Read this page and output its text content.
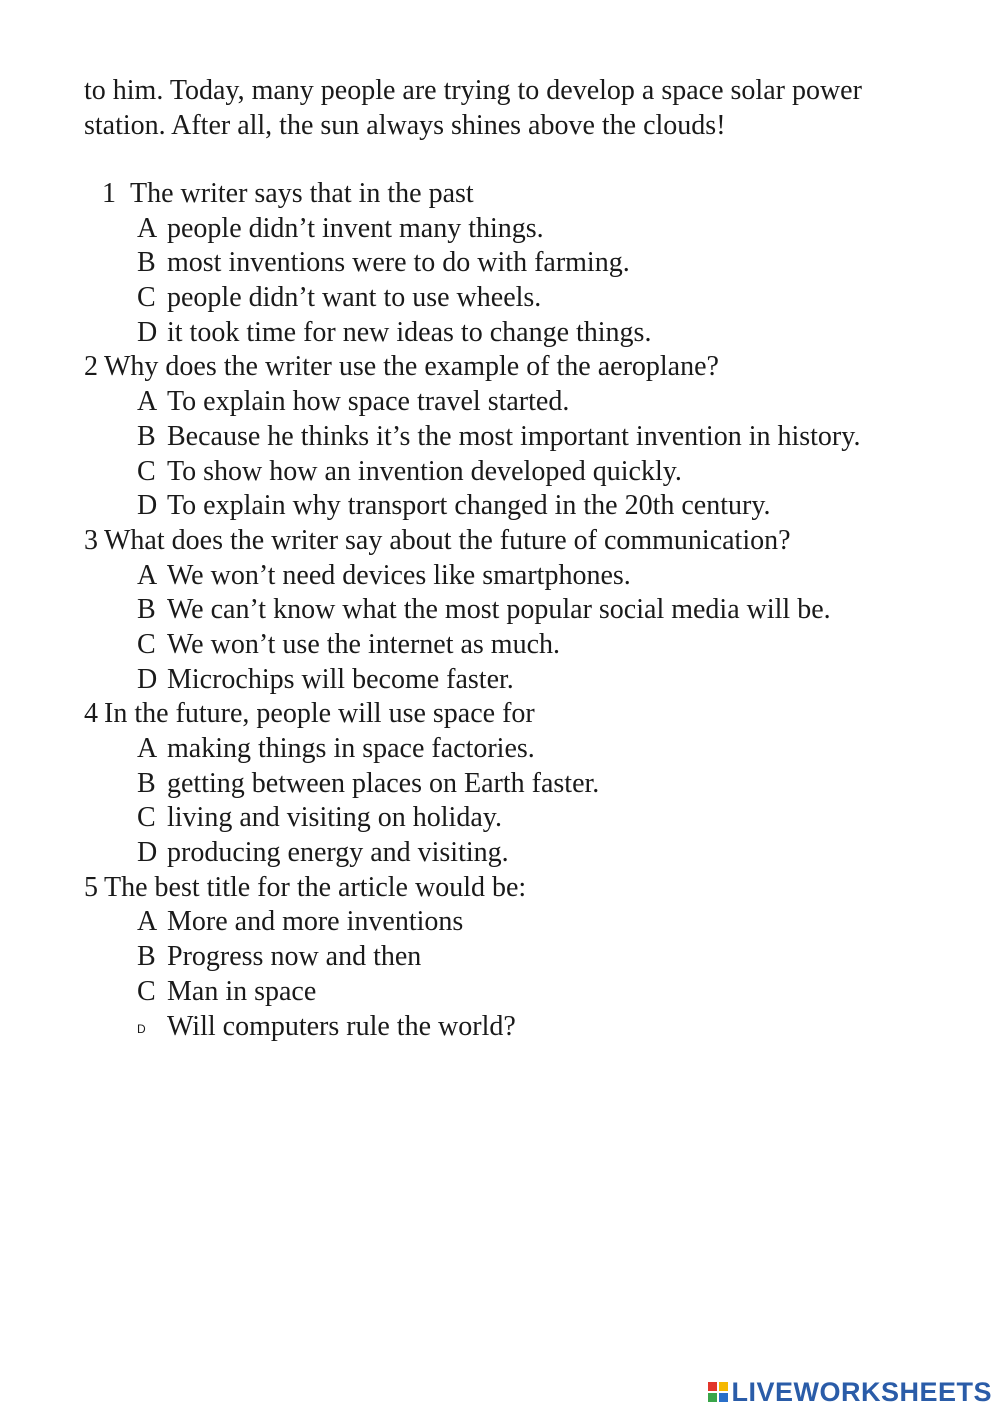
to him. Today, many people are trying to develop a space solar power

station. After all, the sun always shines above the clouds!

1 The writer says that in the past
A people didn’t invent many things.
B most inventions were to do with farming.
C people didn’t want to use wheels.
D it took time for new ideas to change things.
2 Why does the writer use the example of the aeroplane?
A To explain how space travel started.
B Because he thinks it’s the most important invention in history.
C To show how an invention developed quickly.
D To explain why transport changed in the 20th century.
3 What does the writer say about the future of communication?
A We won’t need devices like smartphones.
B We can’t know what the most popular social media will be.
C We won’t use the internet as much.
D Microchips will become faster.
4 In the future, people will use space for
A making things in space factories.
B getting between places on Earth faster.
C living and visiting on holiday.
D producing energy and visiting.
5 The best title for the article would be:
A More and more inventions
B Progress now and then
C Man in space
D Will computers rule the world?
LIVEWORKSHEETS
